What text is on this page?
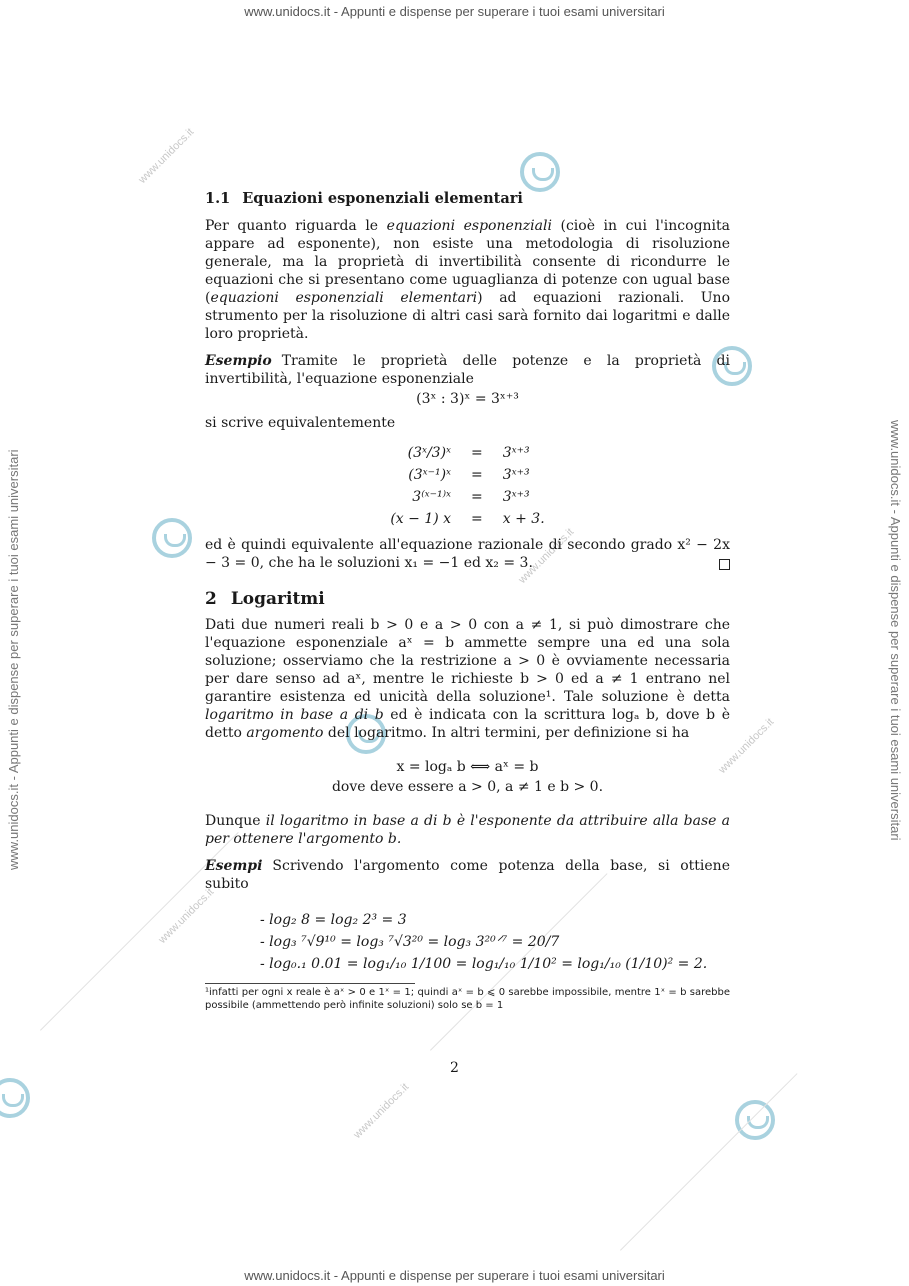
www.unidocs.it - Appunti e dispense per superare i tuoi esami universitari
www.unidocs.it - Appunti e dispense per superare i tuoi esami universitari
www.unidocs.it - Appunti e dispense per superare i tuoi esami universitari	www.unidocs.it - Appunti e dispense per superare i tuoi esami universitari
www.unidocs.it
www.unidocs.it
www.unidocs.it
www.unidocs.it
www.unidocs.it
1.1 Equazioni esponenziali elementari

Per quanto riguarda le equazioni esponenziali (cioè in cui l'incognita appare ad esponente), non esiste una metodologia di risoluzione generale, ma la proprietà di invertibilità consente di ricondurre le equazioni che si presentano come uguaglianza di potenze con ugual base (equazioni esponenziali elementari) ad equazioni razionali. Uno strumento per la risoluzione di altri casi sarà fornito dai logaritmi e dalle loro proprietà.

Esempio Tramite le proprietà delle potenze e la proprietà di invertibilità, l'equazione esponenziale

(3ˣ : 3)ˣ = 3ˣ⁺³

si scrive equivalentemente

(3ˣ/3)ˣ	=	3ˣ⁺³
(3ˣ⁻¹)ˣ	=	3ˣ⁺³
3⁽ˣ⁻¹⁾ˣ	=	3ˣ⁺³
(x − 1) x	=	x + 3.

ed è quindi equivalente all'equazione razionale di secondo grado x² − 2x − 3 = 0, che ha le soluzioni x₁ = −1 ed x₂ = 3.

2 Logaritmi

Dati due numeri reali b > 0 e a > 0 con a ≠ 1, si può dimostrare che l'equazione esponenziale aˣ = b ammette sempre una ed una sola soluzione; osserviamo che la restrizione a > 0 è ovviamente necessaria per dare senso ad aˣ, mentre le richieste b > 0 ed a ≠ 1 entrano nel garantire esistenza ed unicità della soluzione¹. Tale soluzione è detta logaritmo in base a di b ed è indicata con la scrittura logₐ b, dove b è detto argomento del logaritmo. In altri termini, per definizione si ha

x = logₐ b ⟺ aˣ = b
dove deve essere a > 0, a ≠ 1 e b > 0.

Dunque il logaritmo in base a di b è l'esponente da attribuire alla base a per ottenere l'argomento b.

Esempi Scrivendo l'argomento come potenza della base, si ottiene subito

- log₂ 8 = log₂ 2³ = 3
- log₃ ⁷√9¹⁰ = log₃ ⁷√3²⁰ = log₃ 3²⁰ᐟ⁷ = 20/7
- log₀.₁ 0.01 = log₁/₁₀ 1/100 = log₁/₁₀ 1/10² = log₁/₁₀ (1/10)² = 2.

¹infatti per ogni x reale è aˣ > 0 e 1ˣ = 1; quindi aˣ = b ⩽ 0 sarebbe impossibile, mentre 1ˣ = b sarebbe possibile (ammettendo però infinite soluzioni) solo se b = 1

2
